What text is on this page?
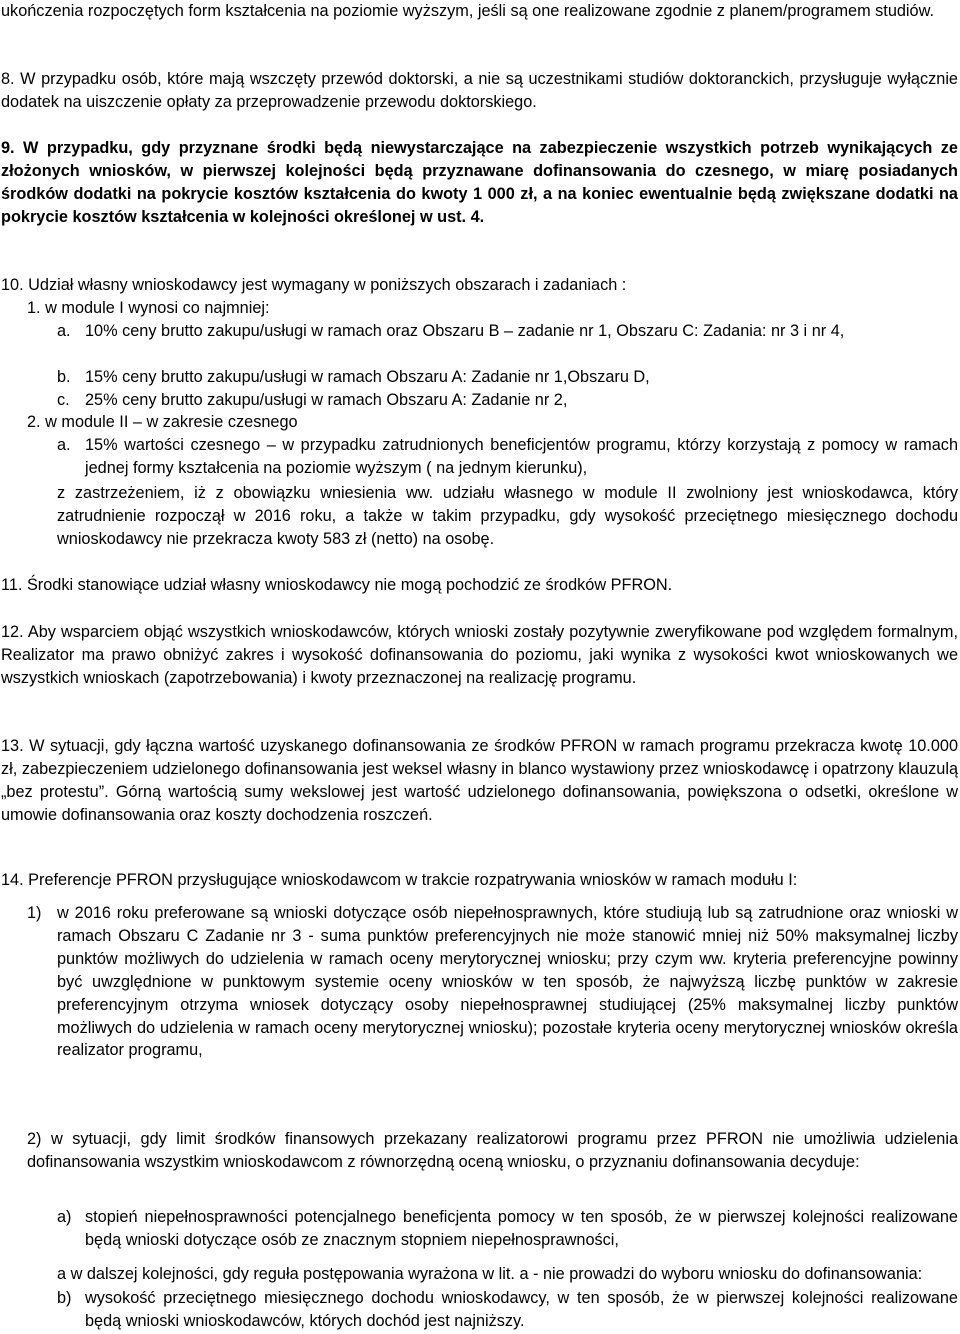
ukończenia rozpoczętych form kształcenia na poziomie wyższym, jeśli są one realizowane zgodnie z planem/programem studiów.

8. W przypadku osób, które mają wszczęty przewód doktorski, a nie są uczestnikami studiów doktoranckich, przysługuje wyłącznie dodatek na uiszczenie opłaty za przeprowadzenie przewodu doktorskiego.

9. W przypadku, gdy przyznane środki będą niewystarczające na zabezpieczenie wszystkich potrzeb wynikających ze złożonych wniosków, w pierwszej kolejności będą przyznawane dofinansowania do czesnego, w miarę posiadanych środków dodatki na pokrycie kosztów kształcenia do kwoty 1 000 zł, a na koniec ewentualnie będą zwiększane dodatki na pokrycie kosztów kształcenia w kolejności określonej w ust. 4.

10. Udział własny wnioskodawcy jest wymagany w poniższych obszarach i zadaniach :

1. w module I wynosi co najmniej:

a. 10% ceny brutto zakupu/usługi w ramach oraz Obszaru B – zadanie nr 1, Obszaru C: Zadania: nr 3 i nr 4,

b. 15% ceny brutto zakupu/usługi w ramach Obszaru A: Zadanie nr 1,Obszaru D,

c. 25% ceny brutto zakupu/usługi w ramach Obszaru A: Zadanie nr 2,

2. w module II – w zakresie czesnego

a. 15% wartości czesnego – w przypadku zatrudnionych beneficjentów programu, którzy korzystają z pomocy w ramach jednej formy kształcenia na poziomie wyższym ( na jednym kierunku),

z zastrzeżeniem, iż z obowiązku wniesienia ww. udziału własnego w module II zwolniony jest wnioskodawca, który zatrudnienie rozpoczął w 2016 roku, a także w takim przypadku, gdy wysokość przeciętnego miesięcznego dochodu wnioskodawcy nie przekracza kwoty 583 zł (netto) na osobę.

11. Środki stanowiące udział własny wnioskodawcy nie mogą pochodzić ze środków PFRON.

12. Aby wsparciem objąć wszystkich wnioskodawców, których wnioski zostały pozytywnie zweryfikowane pod względem formalnym, Realizator ma prawo obniżyć zakres i wysokość dofinansowania do poziomu, jaki wynika z wysokości kwot wnioskowanych we wszystkich wnioskach (zapotrzebowania) i kwoty przeznaczonej na realizację programu.

13. W sytuacji, gdy łączna wartość uzyskanego dofinansowania ze środków PFRON w ramach programu przekracza kwotę 10.000 zł, zabezpieczeniem udzielonego dofinansowania jest weksel własny in blanco wystawiony przez wnioskodawcę i opatrzony klauzulą „bez protestu”. Górną wartością sumy wekslowej jest wartość udzielonego dofinansowania, powiększona o odsetki, określone w umowie dofinansowania oraz koszty dochodzenia roszczeń.

14. Preferencje PFRON przysługujące wnioskodawcom w trakcie rozpatrywania wniosków w ramach modułu I:

1) w 2016 roku preferowane są wnioski dotyczące osób niepełnosprawnych, które studiują lub są zatrudnione oraz wnioski w ramach Obszaru C Zadanie nr 3 - suma punktów preferencyjnych nie może stanowić mniej niż 50% maksymalnej liczby punktów możliwych do udzielenia w ramach oceny merytorycznej wniosku; przy czym ww. kryteria preferencyjne powinny być uwzględnione w punktowym systemie oceny wniosków w ten sposób, że najwyższą liczbę punktów w zakresie preferencyjnym otrzyma wniosek dotyczący osoby niepełnosprawnej studiującej (25% maksymalnej liczby punktów możliwych do udzielenia w ramach oceny merytorycznej wniosku); pozostałe kryteria oceny merytorycznej wniosków określa realizator programu,

2) w sytuacji, gdy limit środków finansowych przekazany realizatorowi programu przez PFRON nie umożliwia udzielenia dofinansowania wszystkim wnioskodawcom z równorzędną oceną wniosku, o przyznaniu dofinansowania decyduje:

a) stopień niepełnosprawności potencjalnego beneficjenta pomocy w ten sposób, że w pierwszej kolejności realizowane będą wnioski dotyczące osób ze znacznym stopniem niepełnosprawności,

a w dalszej kolejności, gdy reguła postępowania wyrażona w lit. a - nie prowadzi do wyboru wniosku do dofinansowania:

b) wysokość przeciętnego miesięcznego dochodu wnioskodawcy, w ten sposób, że w pierwszej kolejności realizowane będą wnioski wnioskodawców, których dochód jest najniższy.
